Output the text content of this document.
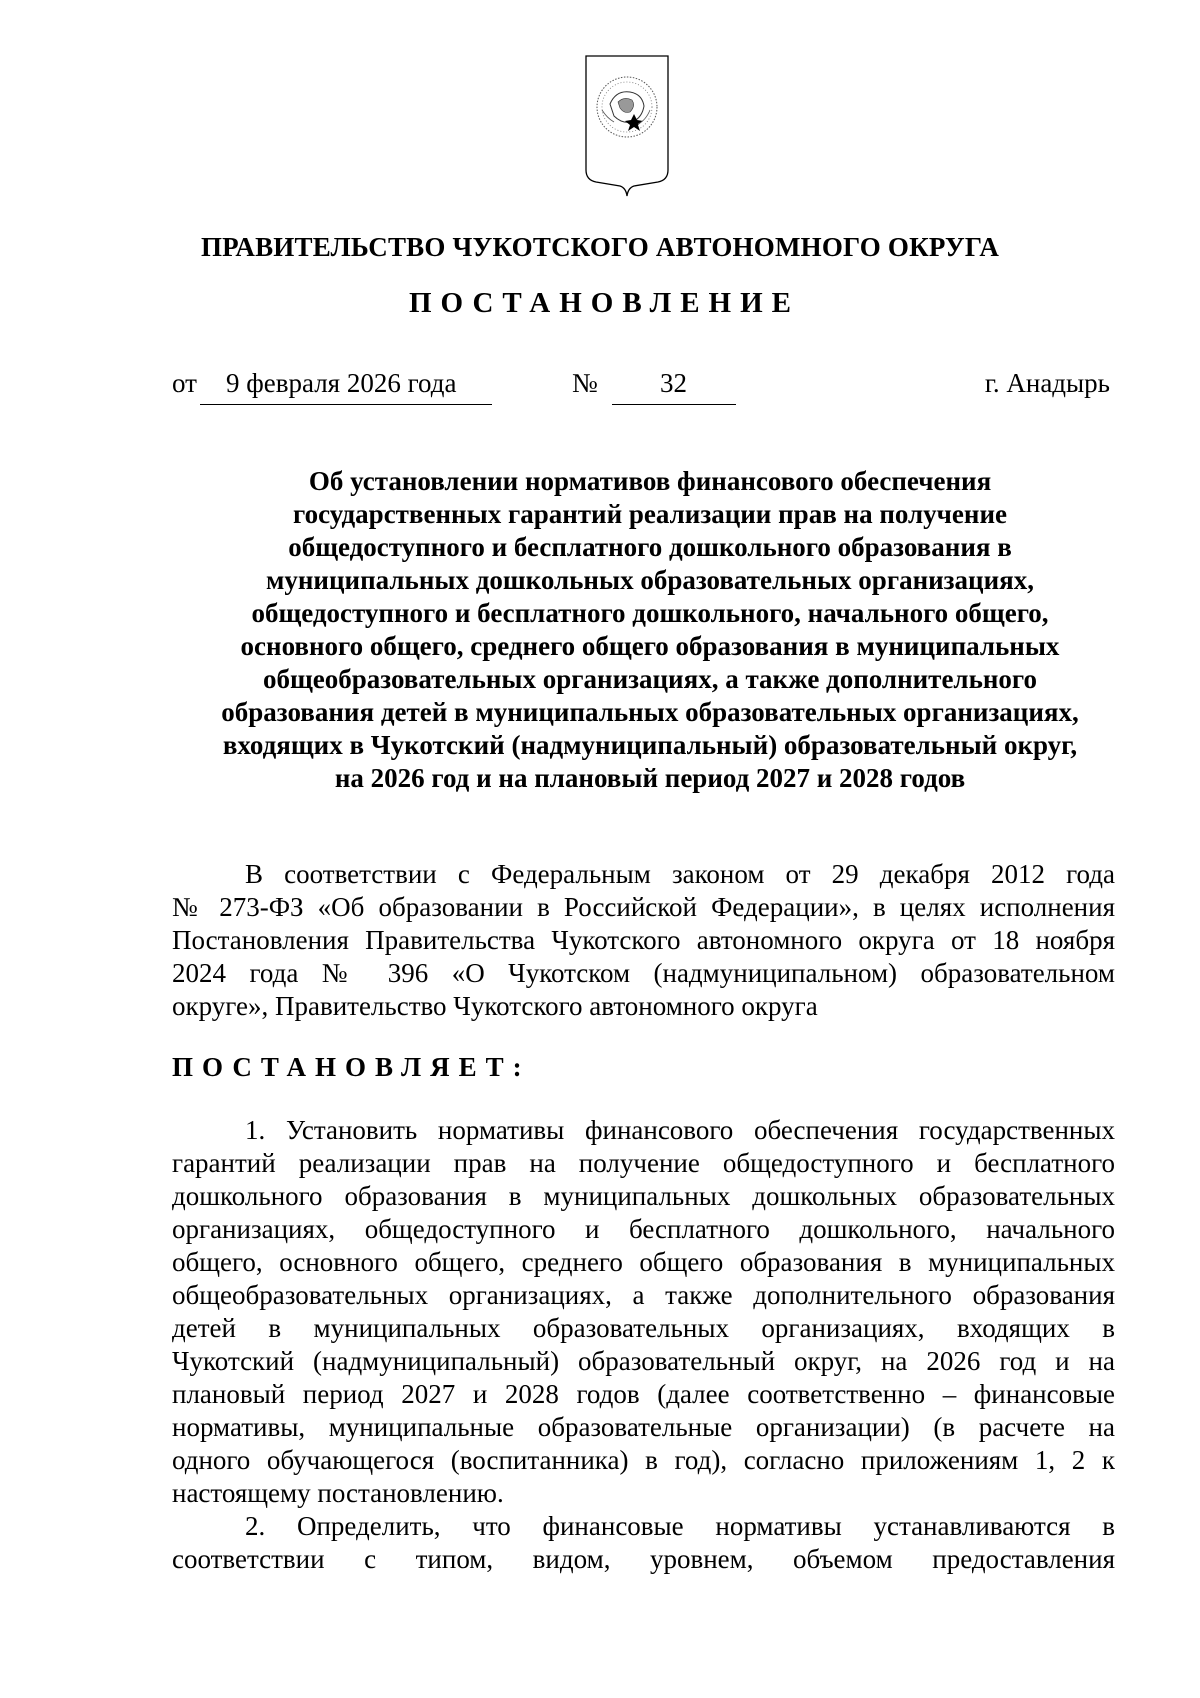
ПРАВИТЕЛЬСТВО ЧУКОТСКОГО АВТОНОМНОГО ОКРУГА
ПОСТАНОВЛЕНИЕ
от 9 февраля 2026 года	№ 32	г. Анадырь
Об установлении нормативов финансового обеспечения
государственных гарантий реализации прав на получение
общедоступного и бесплатного дошкольного образования в
муниципальных дошкольных образовательных организациях,
общедоступного и бесплатного дошкольного, начального общего,
основного общего, среднего общего образования в муниципальных
общеобразовательных организациях, а также дополнительного
образования детей в муниципальных образовательных организациях,
входящих в Чукотский (надмуниципальный) образовательный округ,
на 2026 год и на плановый период 2027 и 2028 годов
В соответствии с Федеральным законом от 29 декабря 2012 года
№ 273-ФЗ «Об образовании в Российской Федерации», в целях исполнения
Постановления Правительства Чукотского автономного округа от 18 ноября
2024 года № 396 «О Чукотском (надмуниципальном) образовательном
округе», Правительство Чукотского автономного округа
ПОСТАНОВЛЯЕТ:
1. Установить нормативы финансового обеспечения государственных
гарантий реализации прав на получение общедоступного и бесплатного
дошкольного образования в муниципальных дошкольных образовательных
организациях, общедоступного и бесплатного дошкольного, начального
общего, основного общего, среднего общего образования в муниципальных
общеобразовательных организациях, а также дополнительного образования
детей в муниципальных образовательных организациях, входящих в
Чукотский (надмуниципальный) образовательный округ, на 2026 год и на
плановый период 2027 и 2028 годов (далее соответственно – финансовые
нормативы, муниципальные образовательные организации) (в расчете на
одного обучающегося (воспитанника) в год), согласно приложениям 1, 2 к
настоящему постановлению.
2. Определить, что финансовые нормативы устанавливаются в
соответствии с типом, видом, уровнем, объемом предоставления
